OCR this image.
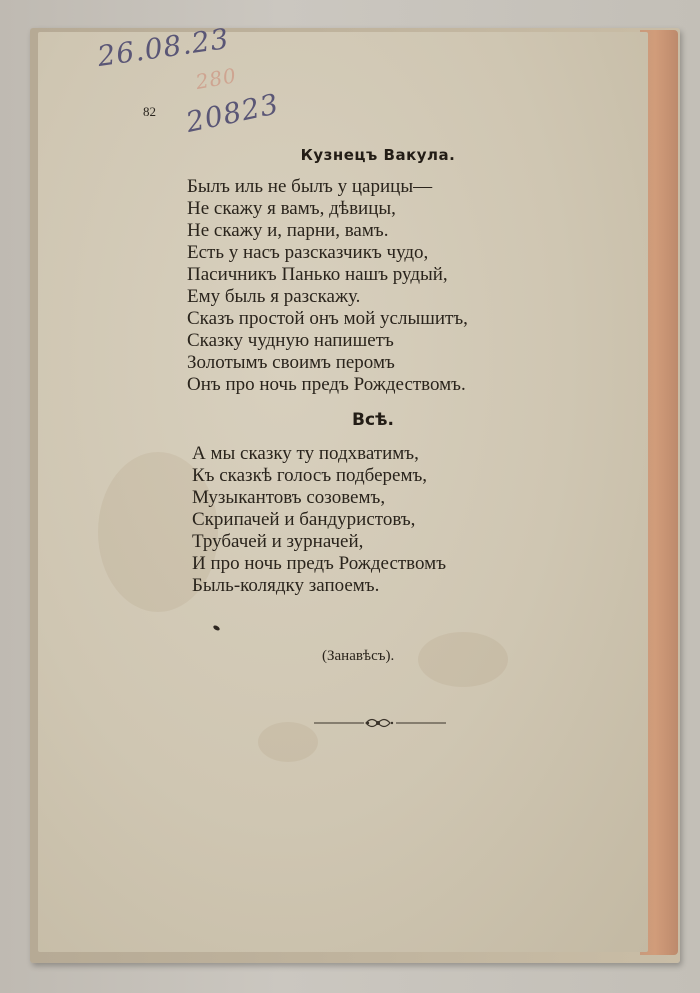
26.08.23
280
20823
82
Кузнецъ Вакула.
Былъ иль не былъ у царицы—
Не скажу я вамъ, дѣвицы,
Не скажу и, парни, вамъ.
Есть у насъ разсказчикъ чудо,
Пасичникъ Панько нашъ рудый,
Ему быль я разскажу.
Сказъ простой онъ мой услышитъ,
Сказку чудную напишетъ
Золотымъ своимъ перомъ
Онъ про ночь предъ Рождествомъ.
Всѣ.
А мы сказку ту подхватимъ,
Къ сказкѣ голосъ подберемъ,
Музыкантовъ созовемъ,
Скрипачей и бандуристовъ,
Трубачей и зурначей,
И про ночь предъ Рождествомъ
Быль-колядку запоемъ.
(Занавѣсъ).
